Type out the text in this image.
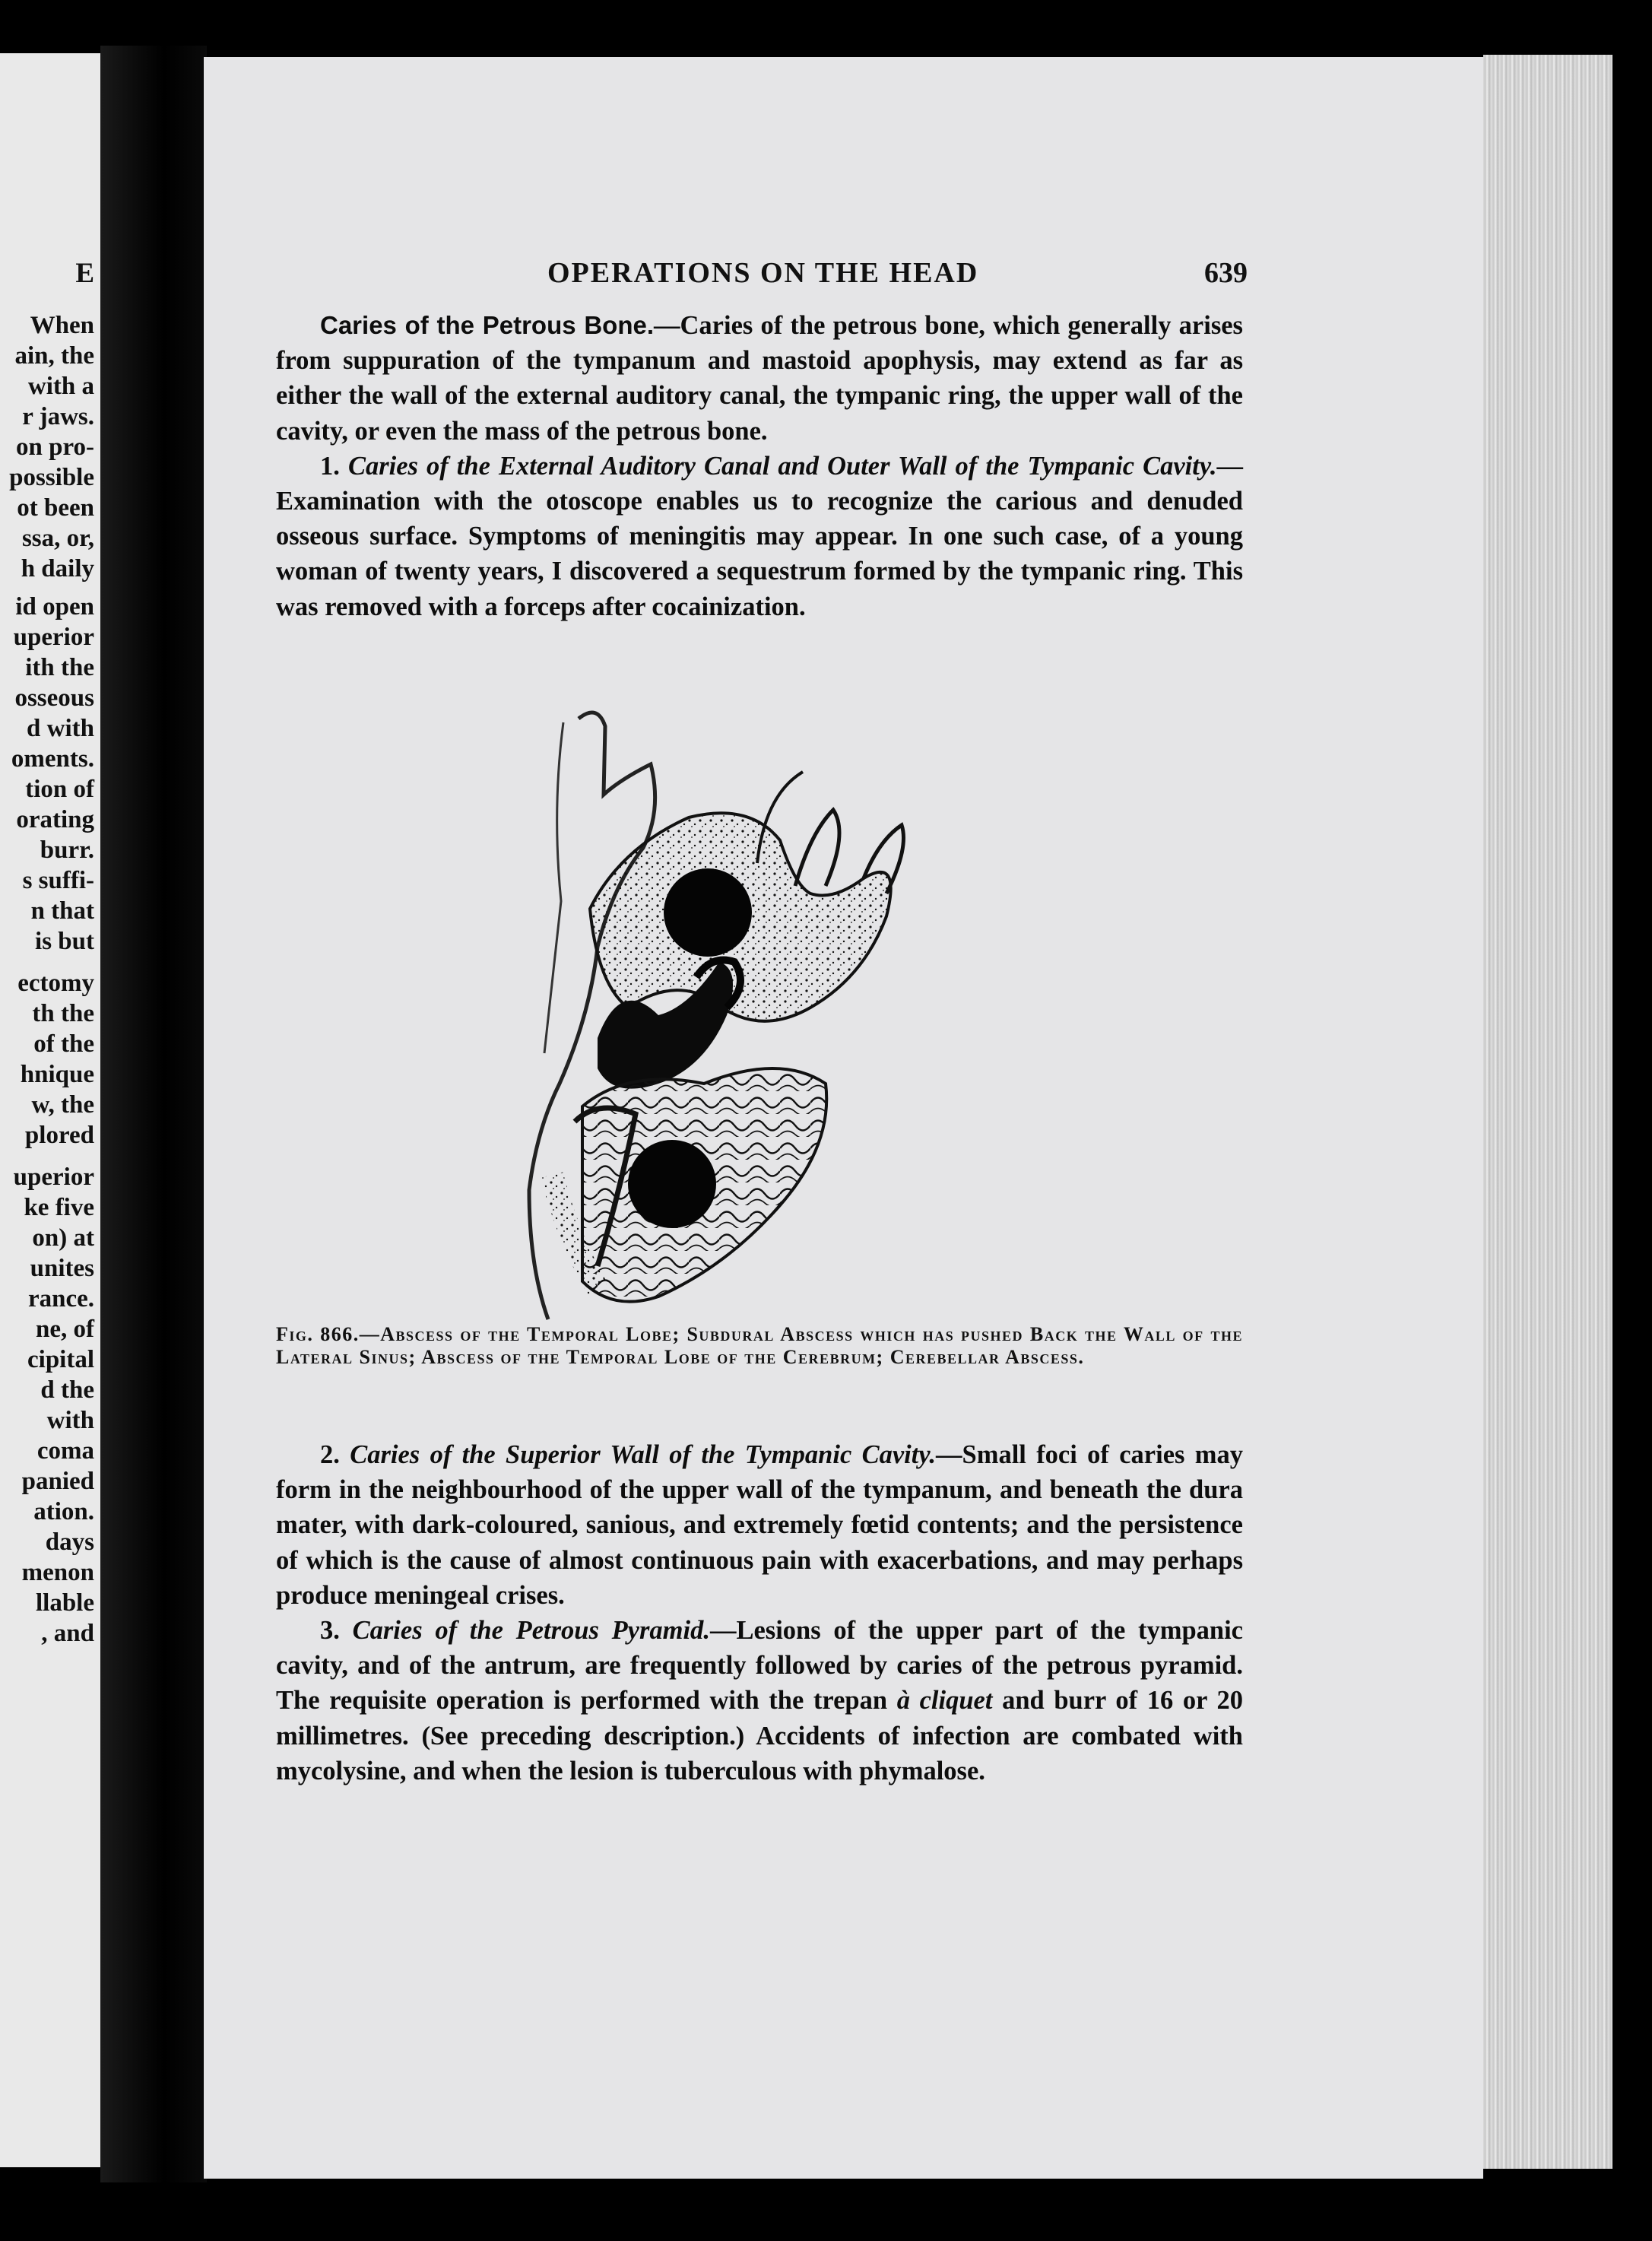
E
When
ain, the
with a
r jaws.
on pro-
possible
ot been
ssa, or,
h daily
id open
uperior
ith the
osseous
d with
oments.
tion of
orating
burr.
s suffi-
n that
is but
ectomy
th the
of the
hnique
w, the
plored
uperior
ke five
on) at
unites
rance.
ne, of
cipital
d the
with
coma
panied
ation.
days
menon
llable
, and
OPERATIONS ON THE HEAD	639

Caries of the Petrous Bone.—Caries of the petrous bone, which generally arises from suppuration of the tympanum and mastoid apophysis, may extend as far as either the wall of the external auditory canal, the tympanic ring, the upper wall of the cavity, or even the mass of the petrous bone.

1. Caries of the External Auditory Canal and Outer Wall of the Tympanic Cavity.—Examination with the otoscope enables us to recognize the carious and denuded osseous surface. Symptoms of meningitis may appear. In one such case, of a young woman of twenty years, I discovered a sequestrum formed by the tympanic ring. This was removed with a forceps after cocainization.

Fig. 866.—Abscess of the Temporal Lobe; Subdural Abscess which has pushed Back the Wall of the Lateral Sinus; Abscess of the Temporal Lobe of the Cerebrum; Cerebellar Abscess.

2. Caries of the Superior Wall of the Tympanic Cavity.—Small foci of caries may form in the neighbourhood of the upper wall of the tympanum, and beneath the dura mater, with dark-coloured, sanious, and extremely fœtid contents; and the persistence of which is the cause of almost continuous pain with exacerbations, and may perhaps produce meningeal crises.

3. Caries of the Petrous Pyramid.—Lesions of the upper part of the tympanic cavity, and of the antrum, are frequently followed by caries of the petrous pyramid. The requisite operation is performed with the trepan à cliquet and burr of 16 or 20 millimetres. (See preceding description.) Accidents of infection are combated with mycolysine, and when the lesion is tuberculous with phymalose.
